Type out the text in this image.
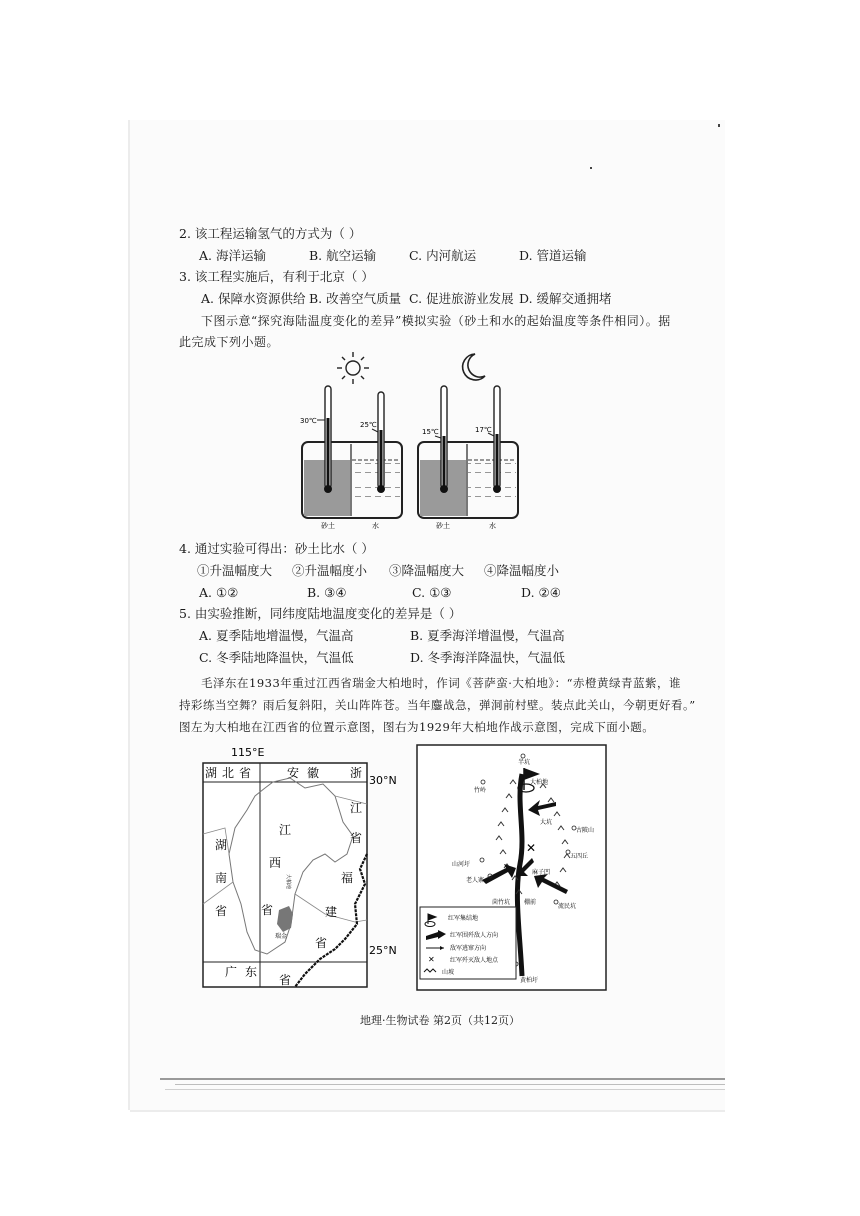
2. 该工程运输氢气的方式为（ ）
A. 海洋运输	B. 航空运输	C. 内河航运	D. 管道运输
3. 该工程实施后，有利于北京（ ）
A. 保障水资源供给 B. 改善空气质量 C. 促进旅游业发展 D. 缓解交通拥堵
下图示意“探究海陆温度变化的差异”模拟实验（砂土和水的起始温度等条件相同）。据
此完成下列小题。
30℃	25℃
砂土	水
15℃	17℃
砂土	水
4. 通过实验可得出：砂土比水（ ）
①升温幅度大 ②升温幅度小 ③降温幅度大 ④降温幅度小
A. ①②	B. ③④	C. ①③	D. ②④
5. 由实验推断，同纬度陆地温度变化的差异是（ ）
A. 夏季陆地增温慢，气温高	B. 夏季海洋增温慢，气温高
C. 冬季陆地降温快，气温低	D. 冬季海洋降温快，气温低
毛泽东在1933年重过江西省瑞金大柏地时，作词《菩萨蛮·大柏地》：“赤橙黄绿青蓝紫，谁
持彩练当空舞？雨后复斜阳，关山阵阵苍。当年鏖战急，弹洞前村壁。装点此关山，今朝更好看。”
图左为大柏地在江西省的位置示意图，图右为1929年大柏地作战示意图，完成下面小题。
115°E
30°N
25°N
湖 北 省	安 徽	浙
江
省
湖
南
省
江
西
省
福
建
省
广 东
省
大柏地
瑞金
✕
半坑
大柏地
竹岭
大坑
古陂山
五四丘
山河圩
老人寨
麻子凹
茴竹坑 棚前
流民坑
黄柏圩
✕
红军集结地
红军围歼敌人方向
敌军逃窜方向
红军歼灭敌人地点
山坡
地理·生物试卷 第2页（共12页）
